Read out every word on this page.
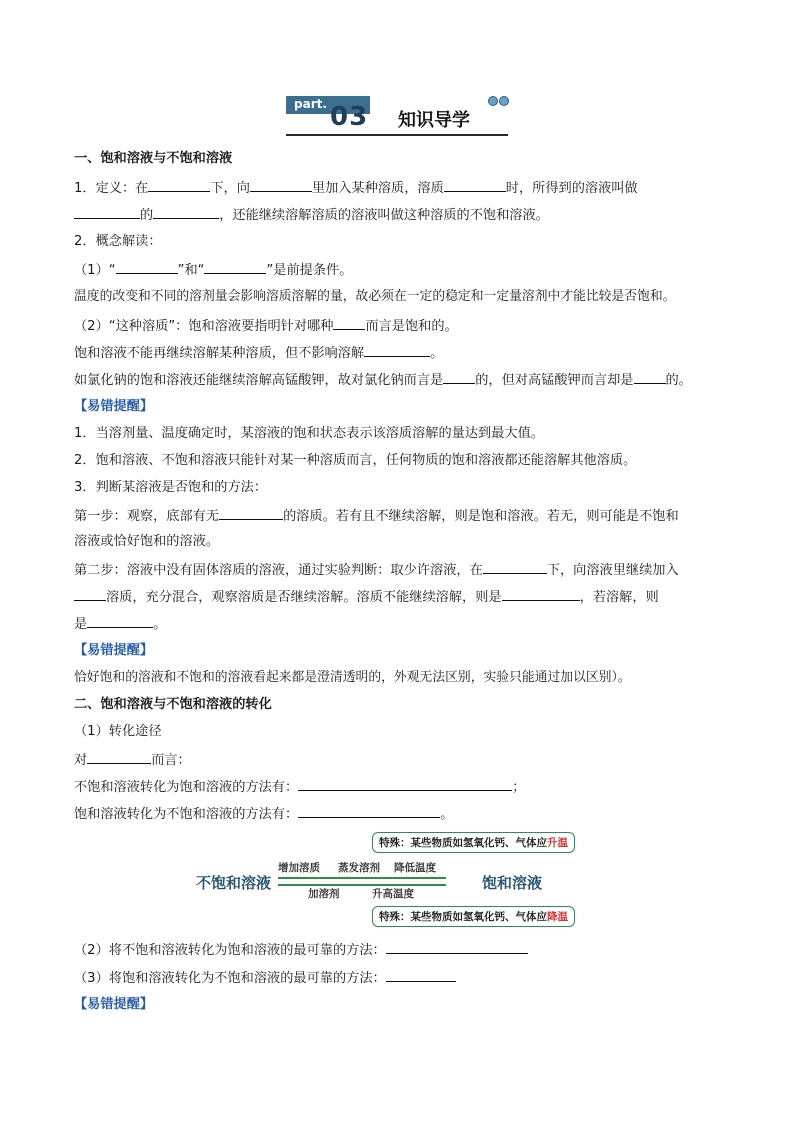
part. 03 知识导学
一、饱和溶液与不饱和溶液
1．定义：在	下，向	里加入某种溶质，溶质	时，所得到的溶液叫做
的	，还能继续溶解溶质的溶液叫做这种溶质的不饱和溶液。
2．概念解读：
（1）“	”和“	”是前提条件。
温度的改变和不同的溶剂量会影响溶质溶解的量，故必须在一定的稳定和一定量溶剂中才能比较是否饱和。
（2）“这种溶质”：饱和溶液要指明针对哪种 而言是饱和的。
饱和溶液不能再继续溶解某种溶质，但不影响溶解	。
如氯化钠的饱和溶液还能继续溶解高锰酸钾，故对氯化钠而言是 的，但对高锰酸钾而言却是 的。
【易错提醒】
1．当溶剂量、温度确定时，某溶液的饱和状态表示该溶质溶解的量达到最大值。
2．饱和溶液、不饱和溶液只能针对某一种溶质而言，任何物质的饱和溶液都还能溶解其他溶质。
3．判断某溶液是否饱和的方法：
第一步：观察，底部有无	的溶质。若有且不继续溶解，则是饱和溶液。若无，则可能是不饱和
溶液或恰好饱和的溶液。
第二步：溶液中没有固体溶质的溶液，通过实验判断：取少许溶液，在	下，向溶液里继续加入
溶质，充分混合，观察溶质是否继续溶解。溶质不能继续溶解，则是	，若溶解，则
是	。
【易错提醒】
恰好饱和的溶液和不饱和的溶液看起来都是澄清透明的，外观无法区别，实验只能通过加以区别）。
二、饱和溶液与不饱和溶液的转化
（1）转化途径
对	而言：
不饱和溶液转化为饱和溶液的方法有：	；
饱和溶液转化为不饱和溶液的方法有：	。
特殊：某些物质如氢氧化钙、气体应升温
特殊：某些物质如氢氧化钙、气体应降温
不饱和溶液	饱和溶液
增加溶质 蒸发溶剂 降低温度
加溶剂	升高温度
（2）将不饱和溶液转化为饱和溶液的最可靠的方法：
（3）将饱和溶液转化为不饱和溶液的最可靠的方法：
【易错提醒】
